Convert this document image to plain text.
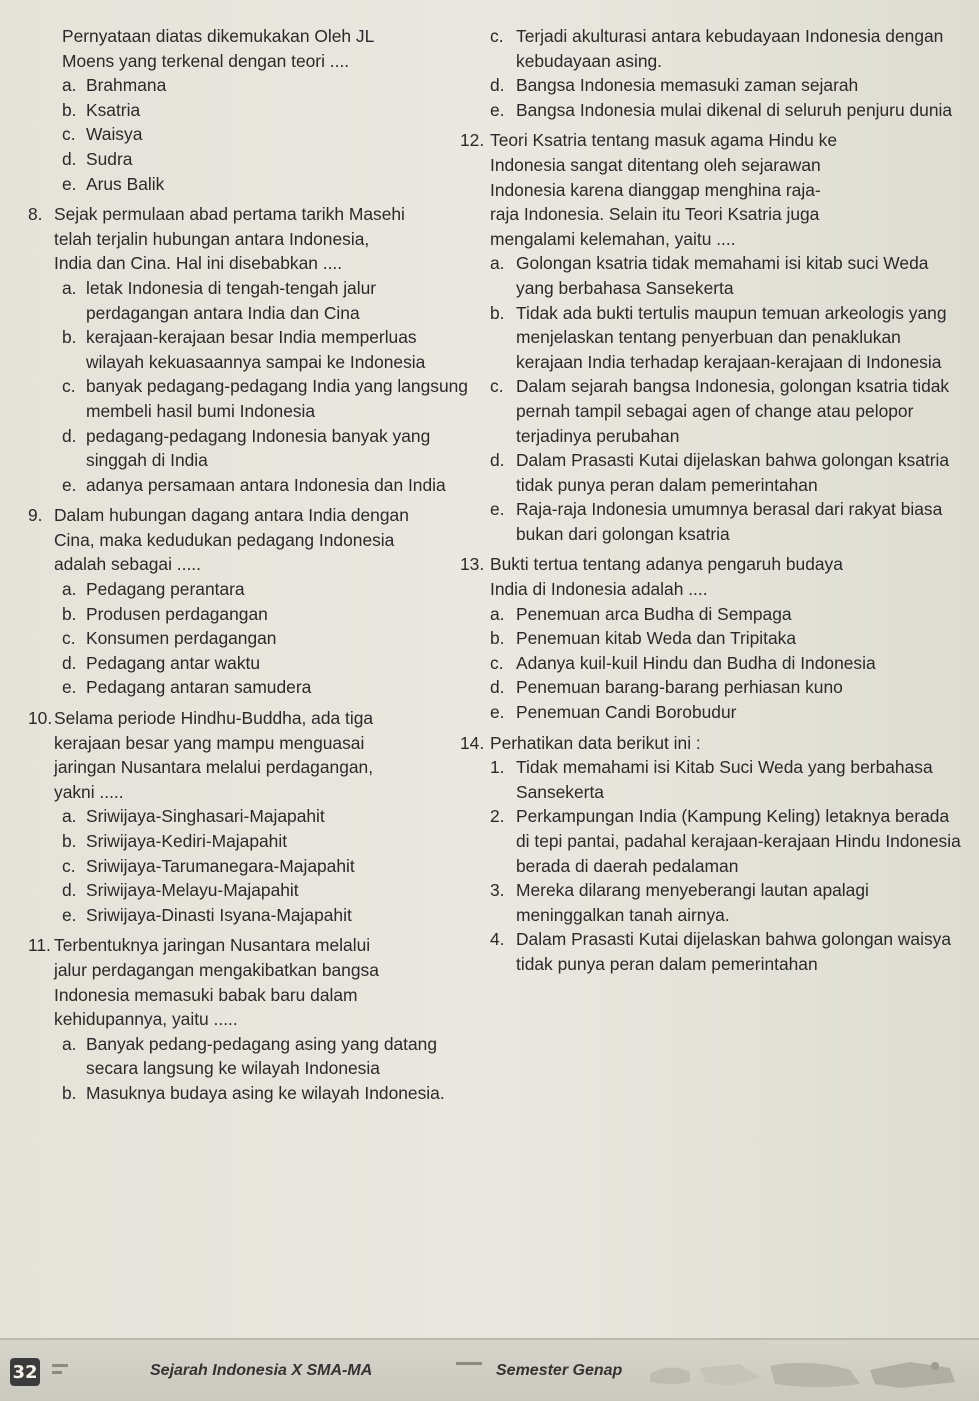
Pernyataan diatas dikemukakan Oleh JL
Moens yang terkenal dengan teori ....
a. Brahmana
b. Ksatria
c. Waisya
d. Sudra
e. Arus Balik
8. Sejak permulaan abad pertama tarikh Masehi
telah terjalin hubungan antara Indonesia,
India dan Cina. Hal ini disebabkan ....
a. letak Indonesia di tengah-tengah jalur perdagangan antara India dan Cina
b. kerajaan-kerajaan besar India memperluas wilayah kekuasaannya sampai ke Indonesia
c. banyak pedagang-pedagang India yang langsung membeli hasil bumi Indonesia
d. pedagang-pedagang Indonesia banyak yang singgah di India
e. adanya persamaan antara Indonesia dan India
9. Dalam hubungan dagang antara India dengan
Cina, maka kedudukan pedagang Indonesia
adalah sebagai .....
a. Pedagang perantara
b. Produsen perdagangan
c. Konsumen perdagangan
d. Pedagang antar waktu
e. Pedagang antaran samudera
10. Selama periode Hindhu-Buddha, ada tiga
kerajaan besar yang mampu menguasai
jaringan Nusantara melalui perdagangan,
yakni .....
a. Sriwijaya-Singhasari-Majapahit
b. Sriwijaya-Kediri-Majapahit
c. Sriwijaya-Tarumanegara-Majapahit
d. Sriwijaya-Melayu-Majapahit
e. Sriwijaya-Dinasti Isyana-Majapahit
11. Terbentuknya jaringan Nusantara melalui
jalur perdagangan mengakibatkan bangsa
Indonesia memasuki babak baru dalam
kehidupannya, yaitu .....
a. Banyak pedang-pedagang asing yang datang secara langsung ke wilayah Indonesia
b. Masuknya budaya asing ke wilayah Indonesia.
c. Terjadi akulturasi antara kebudayaan Indonesia dengan kebudayaan asing.
d. Bangsa Indonesia memasuki zaman sejarah
e. Bangsa Indonesia mulai dikenal di seluruh penjuru dunia
12. Teori Ksatria tentang masuk agama Hindu ke
Indonesia sangat ditentang oleh sejarawan
Indonesia karena dianggap menghina raja-
raja Indonesia. Selain itu Teori Ksatria juga
mengalami kelemahan, yaitu ....
a. Golongan ksatria tidak memahami isi kitab suci Weda yang berbahasa Sansekerta
b. Tidak ada bukti tertulis maupun temuan arkeologis yang menjelaskan tentang penyerbuan dan penaklukan kerajaan India terhadap kerajaan-kerajaan di Indonesia
c. Dalam sejarah bangsa Indonesia, golongan ksatria tidak pernah tampil sebagai agen of change atau pelopor terjadinya perubahan
d. Dalam Prasasti Kutai dijelaskan bahwa golongan ksatria tidak punya peran dalam pemerintahan
e. Raja-raja Indonesia umumnya berasal dari rakyat biasa bukan dari golongan ksatria
13. Bukti tertua tentang adanya pengaruh budaya
India di Indonesia adalah ....
a. Penemuan arca Budha di Sempaga
b. Penemuan kitab Weda dan Tripitaka
c. Adanya kuil-kuil Hindu dan Budha di Indonesia
d. Penemuan barang-barang perhiasan kuno
e. Penemuan Candi Borobudur
14. Perhatikan data berikut ini :
1. Tidak memahami isi Kitab Suci Weda yang berbahasa Sansekerta
2. Perkampungan India (Kampung Keling) letaknya berada di tepi pantai, padahal kerajaan-kerajaan Hindu Indonesia berada di daerah pedalaman
3. Mereka dilarang menyeberangi lautan apalagi meninggalkan tanah airnya.
4. Dalam Prasasti Kutai dijelaskan bahwa golongan waisya tidak punya peran dalam pemerintahan
32	Sejarah Indonesia X SMA-MA	Semester Genap
